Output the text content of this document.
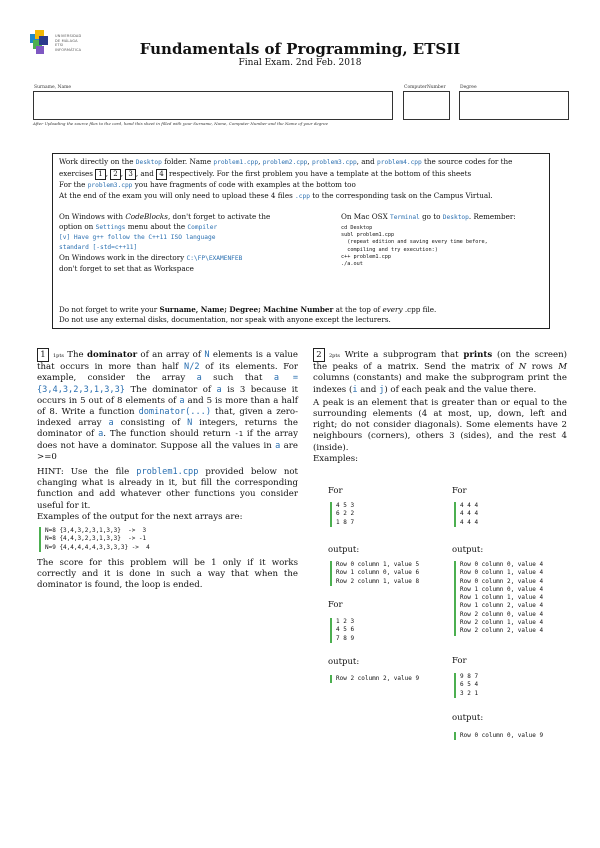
UNIVERSIDAD
DE MÁLAGA
ETSI
INFORMÁTICA	Fundamentals of Programming, ETSII
Final Exam. 2nd Feb. 2018
Surname, Name	ComputerNumber	Degree
After Uploading the source files to the card, hand this sheet in filled with your Surname, Name, Computer Number and the Name of your degree

Work directly on the Desktop folder. Name problem1.cpp, problem2.cpp, problem3.cpp, and problem4.cpp the source codes for the

exercises 1 , 2 , 3 , and 4 respectively. For the first problem you have a template at the bottom of this sheets

For the problem3.cpp you have fragments of code with examples at the bottom too

At the end of the exam you will only need to upload these 4 files .cpp to the corresponding task on the Campus Virtual.

On Windows with CodeBlocks, don't forget to activate the

option on Settings menu about the Compiler

[v] Have g++ follow the C++11 ISO language

standard [-std=c++11]

On Windows work in the directory C:\FP\EXAMENFEB

don't forget to set that as Workspace

On Mac OSX Terminal go to Desktop. Remember:

cd Desktop
subl problem1.cpp
(repeat edition and saving every time before,
compiling and try execution:)
c++ problem1.cpp
./a.out

Do not forget to write your Surname, Name; Degree; Machine Number at the top of every .cpp file.

Do not use any external disks, documentation, nor speak with anyone except the lecturers.

1 1pts The dominator of an array of N elements is a value that occurs in more than half N/2 of its elements. For example, consider the array a such that a = {3,4,3,2,3,1,3,3} The dominator of a is 3 because it occurs in 5 out of 8 elements of a and 5 is more than a half of 8. Write a function dominator(...) that, given a zero-indexed array a consisting of N integers, returns the dominator of a. The function should return -1 if the array does not have a dominator. Suppose all the values in a are >=0

HINT: Use the file problem1.cpp provided below not changing what is already in it, but fill the corresponding function and add whatever other functions you consider useful for it.

Examples of the output for the next arrays are:

N=8 {3,4,3,2,3,1,3,3}  ->  3
N=8 {4,4,3,2,3,1,3,3}  -> -1
N=9 {4,4,4,4,4,3,3,3,3} ->  4

The score for this problem will be 1 only if it works correctly and it is done in such a way that when the dominator is found, the loop is ended.

2 2pts Write a subprogram that prints (on the screen) the peaks of a matrix. Send the matrix of N rows M columns (constants) and make the subprogram print the indexes (i and j) of each peak and the value there.

A peak is an element that is greater than or equal to the surrounding elements (4 at most, up, down, left and right; do not consider diagonals). Some elements have 2 neighbours (corners), others 3 (sides), and the rest 4 (inside).

Examples:

For
4 5 3
6 2 2
1 8 7
output:
Row 0 column 1, value 5
Row 1 column 0, value 6
Row 2 column 1, value 8
For
1 2 3
4 5 6
7 8 9
output:
Row 2 column 2, value 9
For
4 4 4
4 4 4
4 4 4
output:
Row 0 column 0, value 4
Row 0 column 1, value 4
Row 0 column 2, value 4
Row 1 column 0, value 4
Row 1 column 1, value 4
Row 1 column 2, value 4
Row 2 column 0, value 4
Row 2 column 1, value 4
Row 2 column 2, value 4
For
9 8 7
6 5 4
3 2 1
output:
Row 0 column 0, value 9
